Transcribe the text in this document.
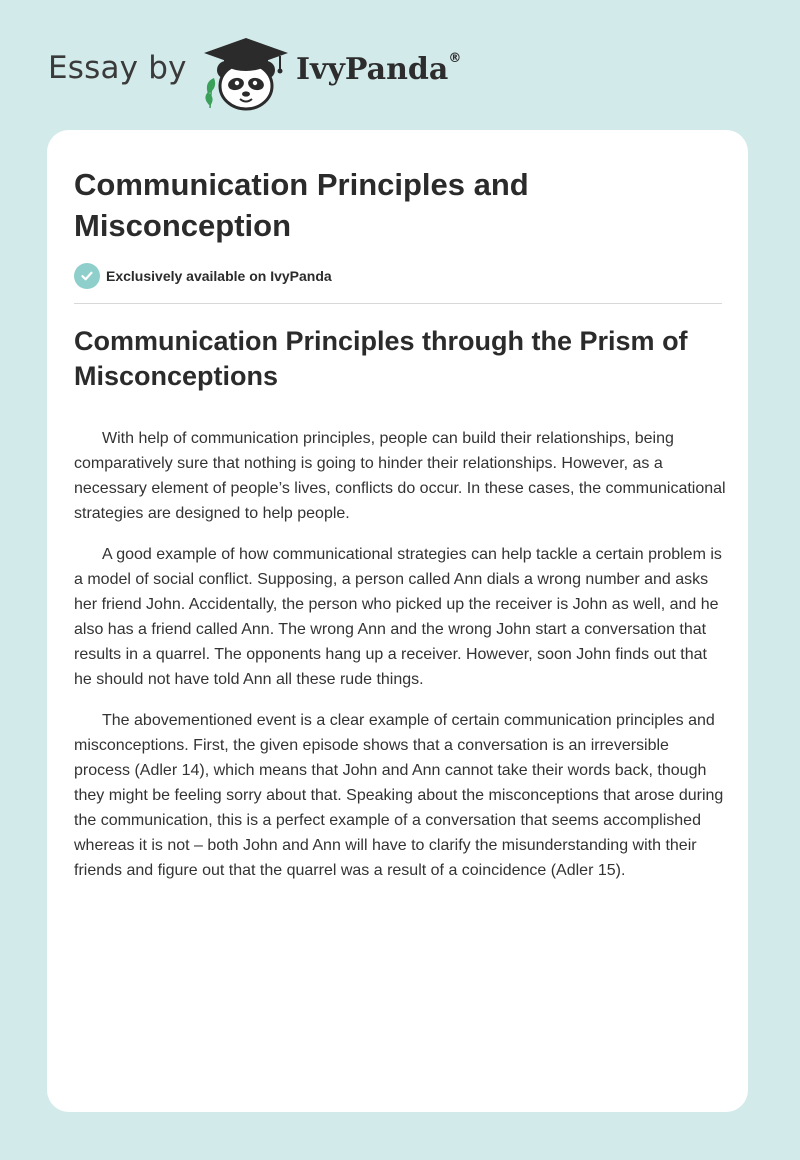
Essay by	IvyPanda®
Communication Principles and Misconception
Exclusively available on IvyPanda
Communication Principles through the Prism of Misconceptions

With help of communication principles, people can build their relationships, being comparatively sure that nothing is going to hinder their relationships. However, as a necessary element of people’s lives, conflicts do occur. In these cases, the communicational strategies are designed to help people.

A good example of how communicational strategies can help tackle a certain problem is a model of social conflict. Supposing, a person called Ann dials a wrong number and asks her friend John. Accidentally, the person who picked up the receiver is John as well, and he also has a friend called Ann. The wrong Ann and the wrong John start a conversation that results in a quarrel. The opponents hang up a receiver. However, soon John finds out that he should not have told Ann all these rude things.

The abovementioned event is a clear example of certain communication principles and misconceptions. First, the given episode shows that a conversation is an irreversible process (Adler 14), which means that John and Ann cannot take their words back, though they might be feeling sorry about that. Speaking about the misconceptions that arose during the communication, this is a perfect example of a conversation that seems accomplished whereas it is not – both John and Ann will have to clarify the misunderstanding with their friends and figure out that the quarrel was a result of a coincidence (Adler 15).
